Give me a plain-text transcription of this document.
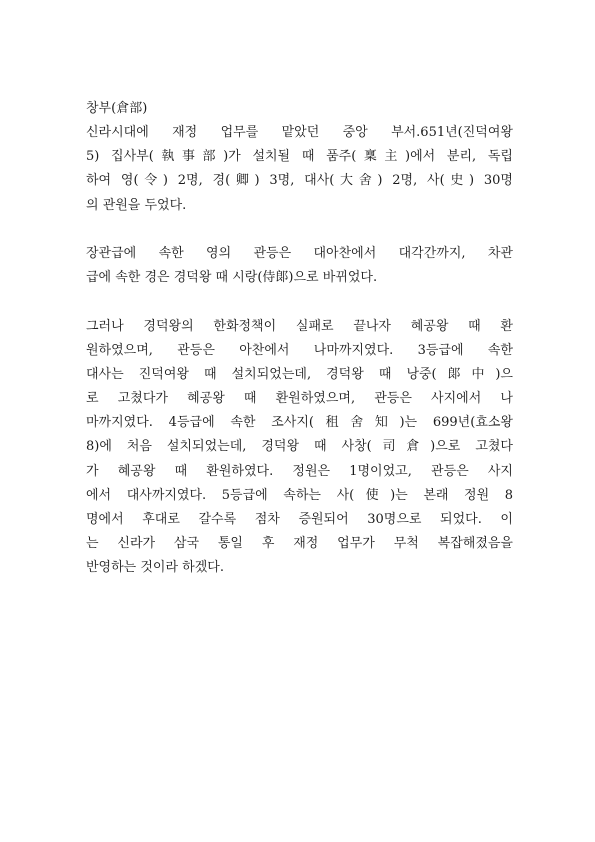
창부(倉部)

신라시대에 재정 업무를 맡았던 중앙 부서.651년(진덕여왕
5) 집사부(執事部)가 설치될 때 품주(稟主)에서 분리, 독립
하여 영(令) 2명, 경(卿) 3명, 대사(大舍) 2명, 사(史) 30명
의 관원을 두었다.
장관급에 속한 영의 관등은 대아찬에서 대각간까지, 차관
급에 속한 경은 경덕왕 때 시랑(侍郞)으로 바뀌었다.
그러나 경덕왕의 한화정책이 실패로 끝나자 혜공왕 때 환
원하였으며, 관등은 아찬에서 나마까지였다. 3등급에 속한
대사는 진덕여왕 때 설치되었는데, 경덕왕 때 낭중(郞中)으
로 고쳤다가 혜공왕 때 환원하였으며, 관등은 사지에서 나
마까지였다. 4등급에 속한 조사지(租舍知)는 699년(효소왕
8)에 처음 설치되었는데, 경덕왕 때 사창(司倉)으로 고쳤다
가 혜공왕 때 환원하였다. 정원은 1명이었고, 관등은 사지
에서 대사까지였다. 5등급에 속하는 사(使)는 본래 정원 8
명에서 후대로 갈수록 점차 증원되어 30명으로 되었다. 이
는 신라가 삼국 통일 후 재정 업무가 무척 복잡해졌음을
반영하는 것이라 하겠다.
